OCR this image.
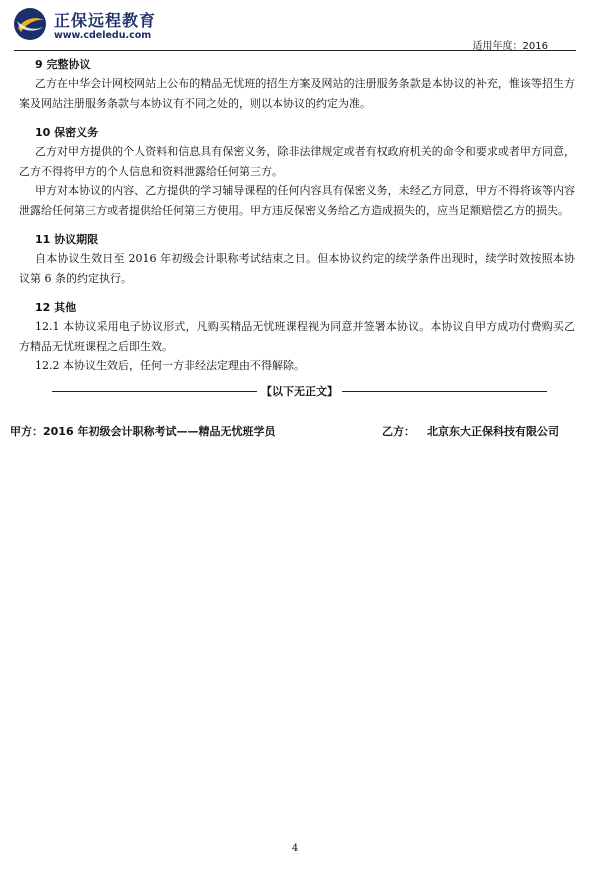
正保远程教育
www.cdeledu.com
适用年度：2016
9 完整协议

乙方在中华会计网校网站上公布的精品无忧班的招生方案及网站的注册服务条款是本协议的补充，惟该等招生方案及网站注册服务条款与本协议有不同之处的，则以本协议的约定为准。

10 保密义务

乙方对甲方提供的个人资料和信息具有保密义务，除非法律规定或者有权政府机关的命令和要求或者甲方同意，乙方不得将甲方的个人信息和资料泄露给任何第三方。

甲方对本协议的内容、乙方提供的学习辅导课程的任何内容具有保密义务，未经乙方同意，甲方不得将该等内容泄露给任何第三方或者提供给任何第三方使用。甲方违反保密义务给乙方造成损失的，应当足额赔偿乙方的损失。

11 协议期限

自本协议生效日至 2016 年初级会计职称考试结束之日。但本协议约定的续学条件出现时，续学时效按照本协议第 6 条的约定执行。

12 其他

12.1 本协议采用电子协议形式，凡购买精品无忧班课程视为同意并签署本协议。本协议自甲方成功付费购买乙方精品无忧班课程之后即生效。

12.2 本协议生效后，任何一方非经法定理由不得解除。

【以下无正文】
甲方：2016 年初级会计职称考试——精品无忧班学员	乙方： 北京东大正保科技有限公司
4
